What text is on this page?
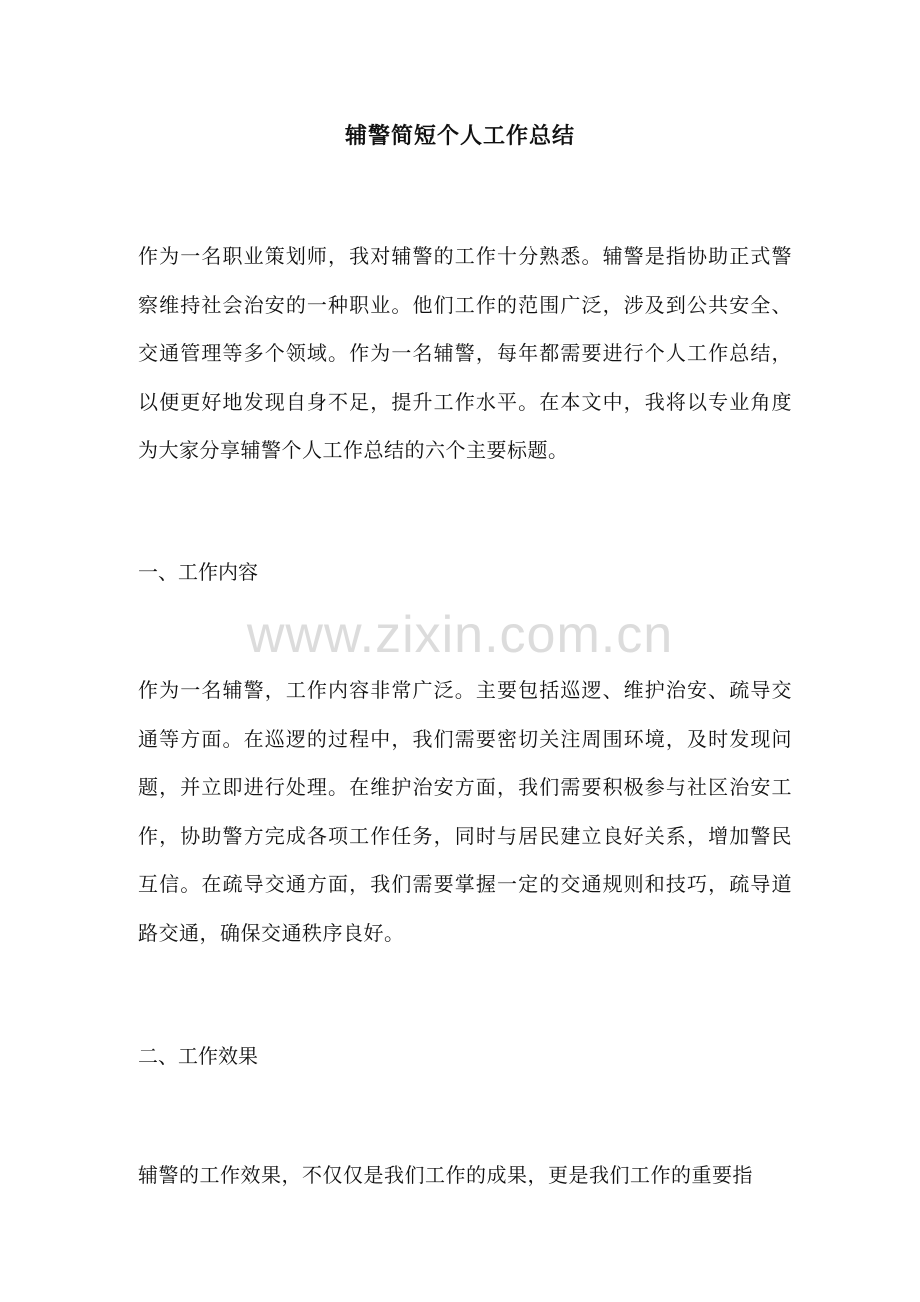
辅警简短个人工作总结
作为一名职业策划师，我对辅警的工作十分熟悉。辅警是指协助正式警察维持社会治安的一种职业。他们工作的范围广泛，涉及到公共安全、交通管理等多个领域。作为一名辅警，每年都需要进行个人工作总结，以便更好地发现自身不足，提升工作水平。在本文中，我将以专业角度为大家分享辅警个人工作总结的六个主要标题。
一、工作内容
www.zixin.com.cn
作为一名辅警，工作内容非常广泛。主要包括巡逻、维护治安、疏导交通等方面。在巡逻的过程中，我们需要密切关注周围环境，及时发现问题，并立即进行处理。在维护治安方面，我们需要积极参与社区治安工作，协助警方完成各项工作任务，同时与居民建立良好关系，增加警民互信。在疏导交通方面，我们需要掌握一定的交通规则和技巧，疏导道路交通，确保交通秩序良好。
二、工作效果
辅警的工作效果，不仅仅是我们工作的成果，更是我们工作的重要指
